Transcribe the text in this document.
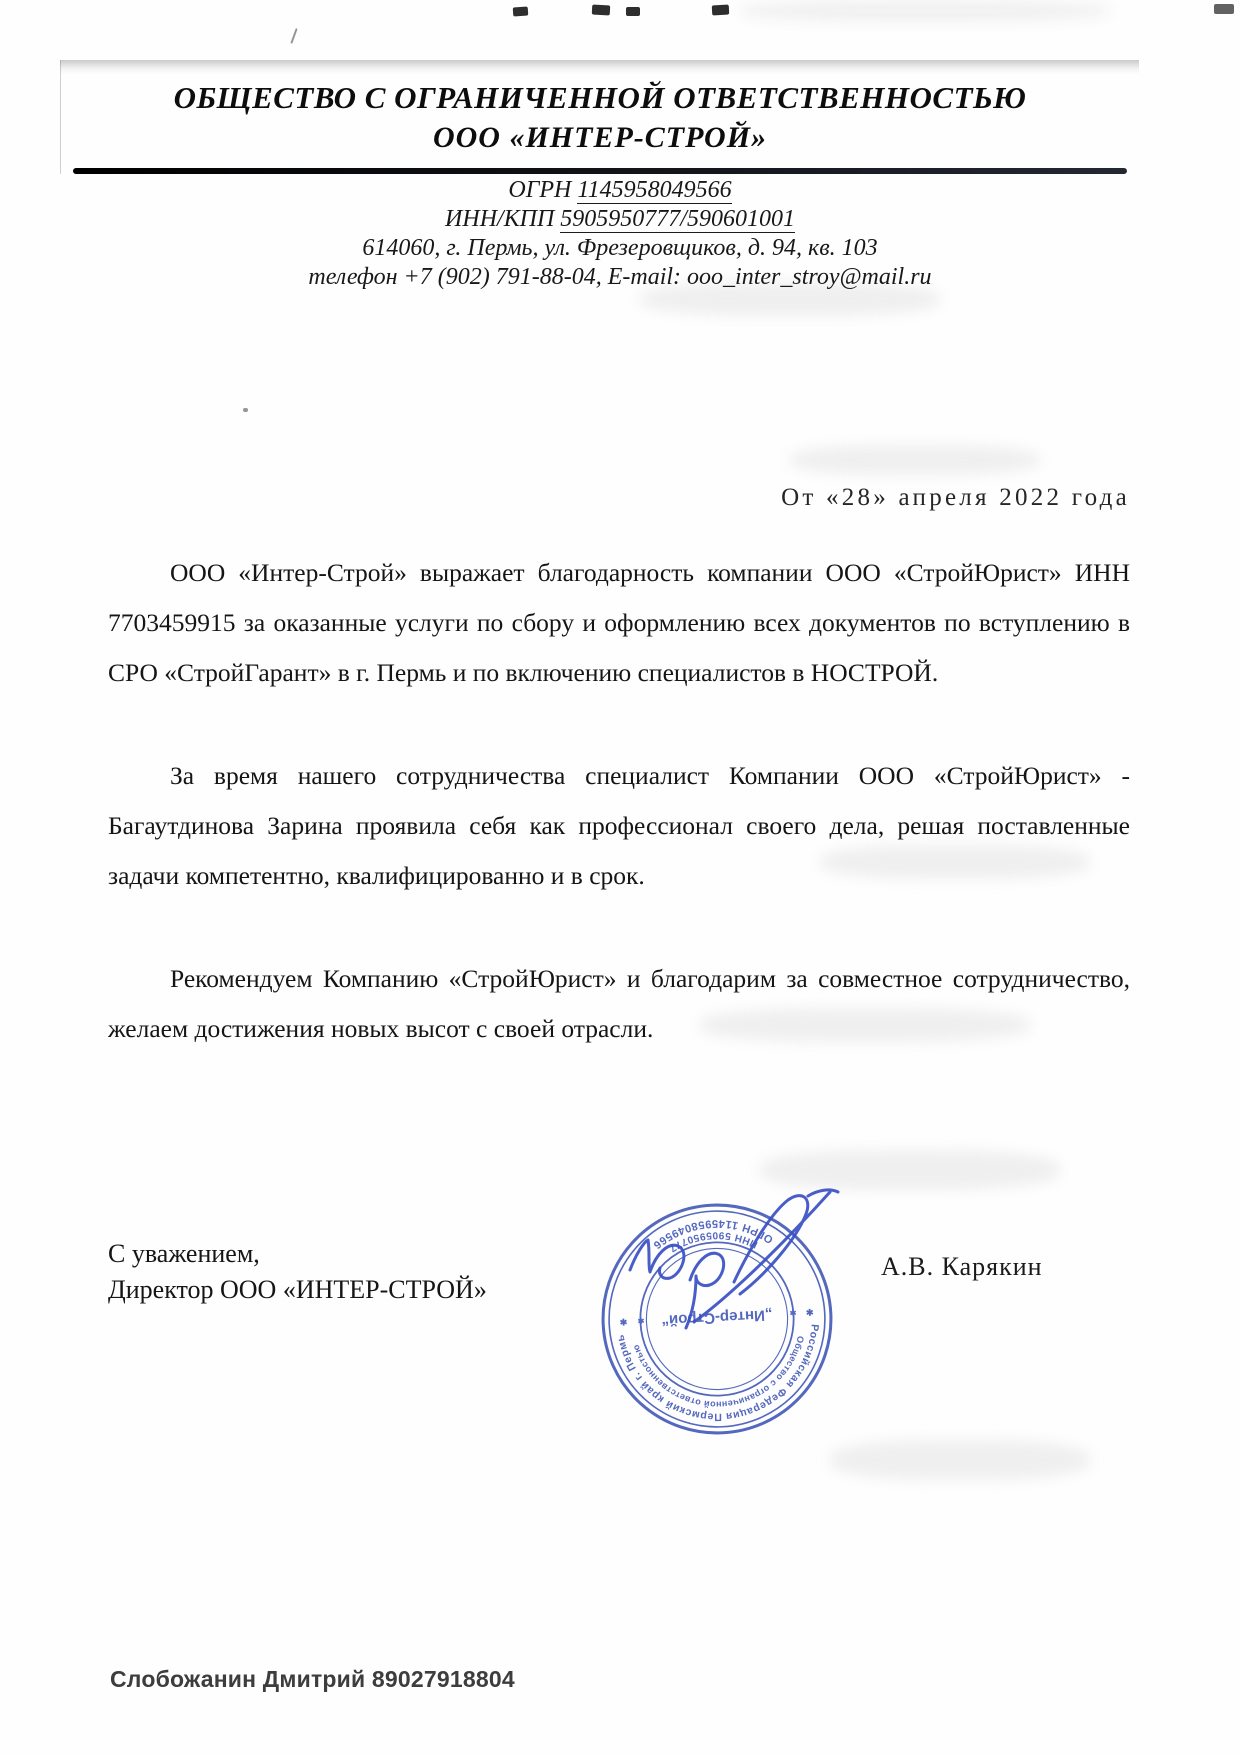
ОБЩЕСТВО С ОГРАНИЧЕННОЙ ОТВЕТСТВЕННОСТЬЮ
ООО «ИНТЕР-СТРОЙ»
ОГРН 1145958049566
ИНН/КПП 5905950777/590601001
614060, г. Пермь, ул. Фрезеровщиков, д. 94, кв. 103
телефон +7 (902) 791-88-04, E-mail: ooo_inter_stroy@mail.ru
От «28» апреля 2022 года

ООО «Интер-Строй» выражает благодарность компании ООО «СтройЮрист» ИНН 7703459915 за оказанные услуги по сбору и оформлению всех документов по вступлению в СРО «СтройГарант» в г. Пермь и по включению специалистов в НОСТРОЙ.

За время нашего сотрудничества специалист Компании ООО «СтройЮрист» - Багаутдинова Зарина проявила себя как профессионал своего дела, решая поставленные задачи компетентно, квалифицированно и в срок.

Рекомендуем Компанию «СтройЮрист» и благодарим за совместное сотрудничество, желаем достижения новых высот с своей отрасли.

С уважением,
Директор ООО «ИНТЕР-СТРОЙ»
А.В. Карякин
Российская Федерация Пермский край г. Пермь
ОГРН 1145958049566
Общество с ограниченной ответственностью
ИНН 5905950777
„Интер-Строй“	✱
✱
✱
✱
Слобожанин Дмитрий 89027918804
